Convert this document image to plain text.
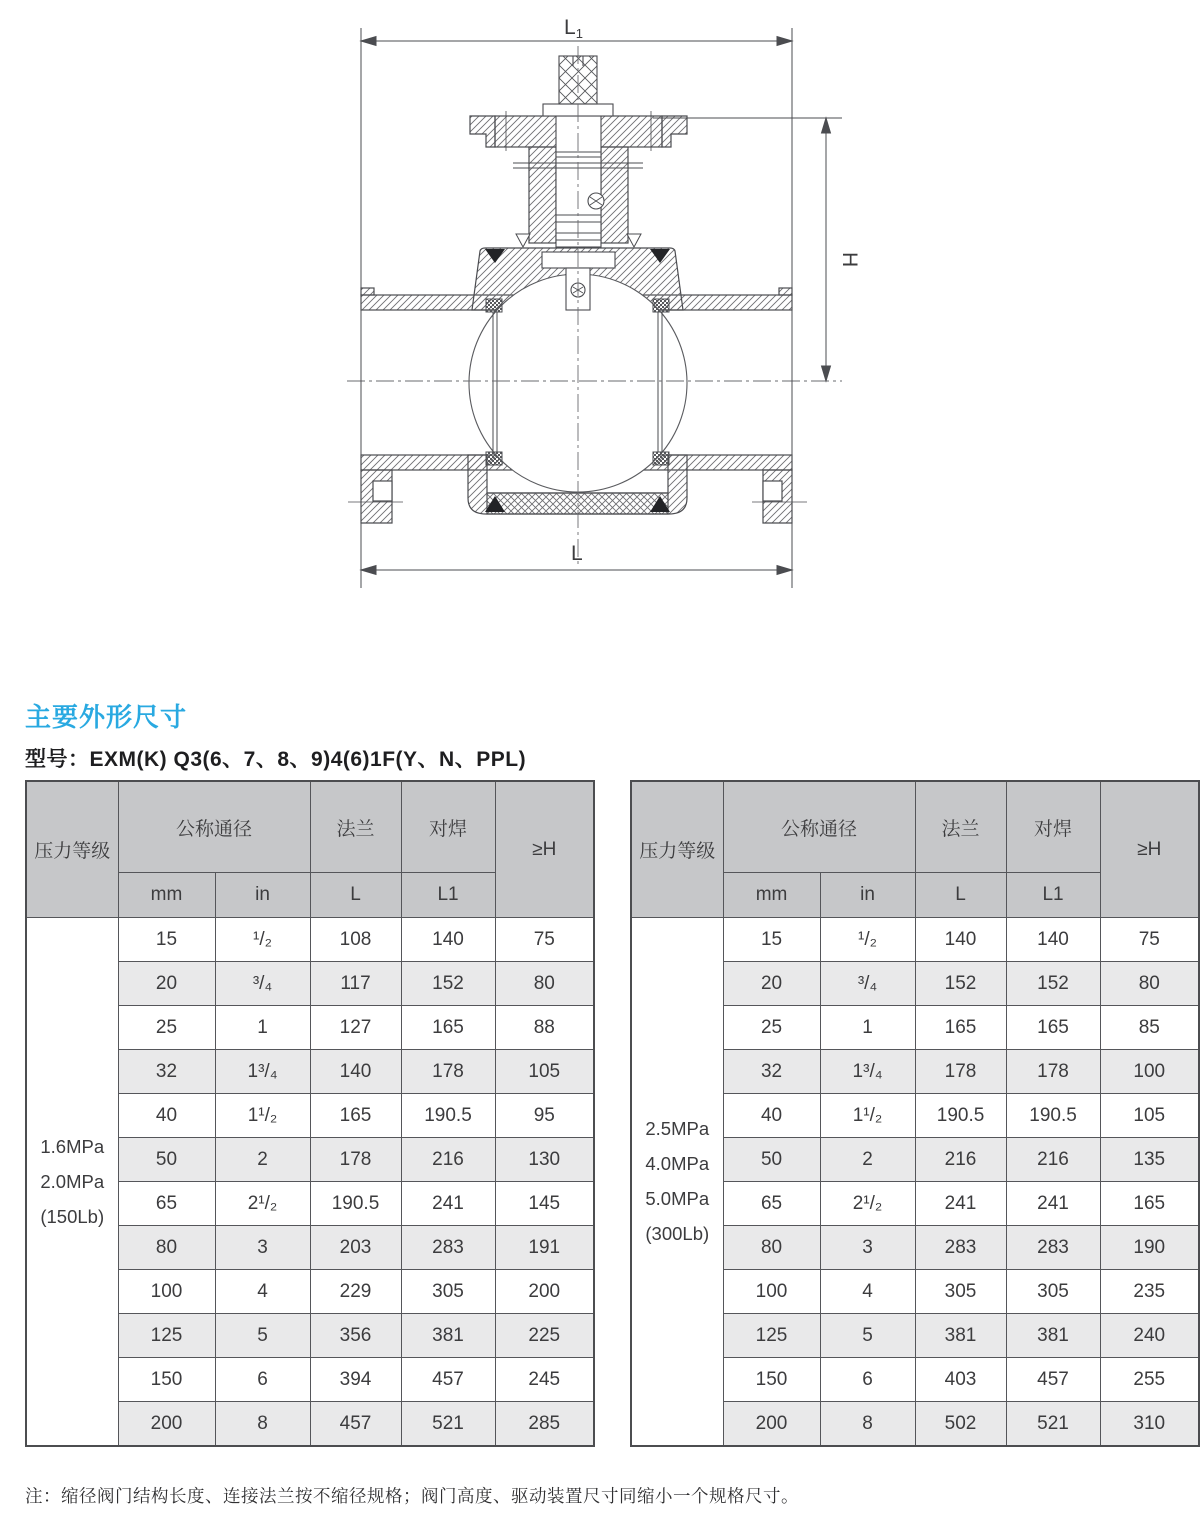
L1
H
L
主要外形尺寸
型号：EXM(K) Q3(6、7、8、9)4(6)1F(Y、N、PPL)
压力等级	公称通径		法兰	对焊	≥H
	mm	in	L	L1	

1.6MPa
2.0MPa
(150Lb)	15	¹/₂	108	140	75
	20	³/₄	117	152	80
	25	1	127	165	88
	32	1³/₄	140	178	105
	40	1¹/₂	165	190.5	95
	50	2	178	216	130
	65	2¹/₂	190.5	241	145
	80	3	203	283	191
	100	4	229	305	200
	125	5	356	381	225
	150	6	394	457	245
	200	8	457	521	285
压力等级	公称通径		法兰	对焊	≥H
	mm	in	L	L1	

2.5MPa
4.0MPa
5.0MPa
(300Lb)	15	¹/₂	140	140	75
	20	³/₄	152	152	80
	25	1	165	165	85
	32	1³/₄	178	178	100
	40	1¹/₂	190.5	190.5	105
	50	2	216	216	135
	65	2¹/₂	241	241	165
	80	3	283	283	190
	100	4	305	305	235
	125	5	381	381	240
	150	6	403	457	255
	200	8	502	521	310
注：缩径阀门结构长度、连接法兰按不缩径规格；阀门高度、驱动装置尺寸同缩小一个规格尺寸。
